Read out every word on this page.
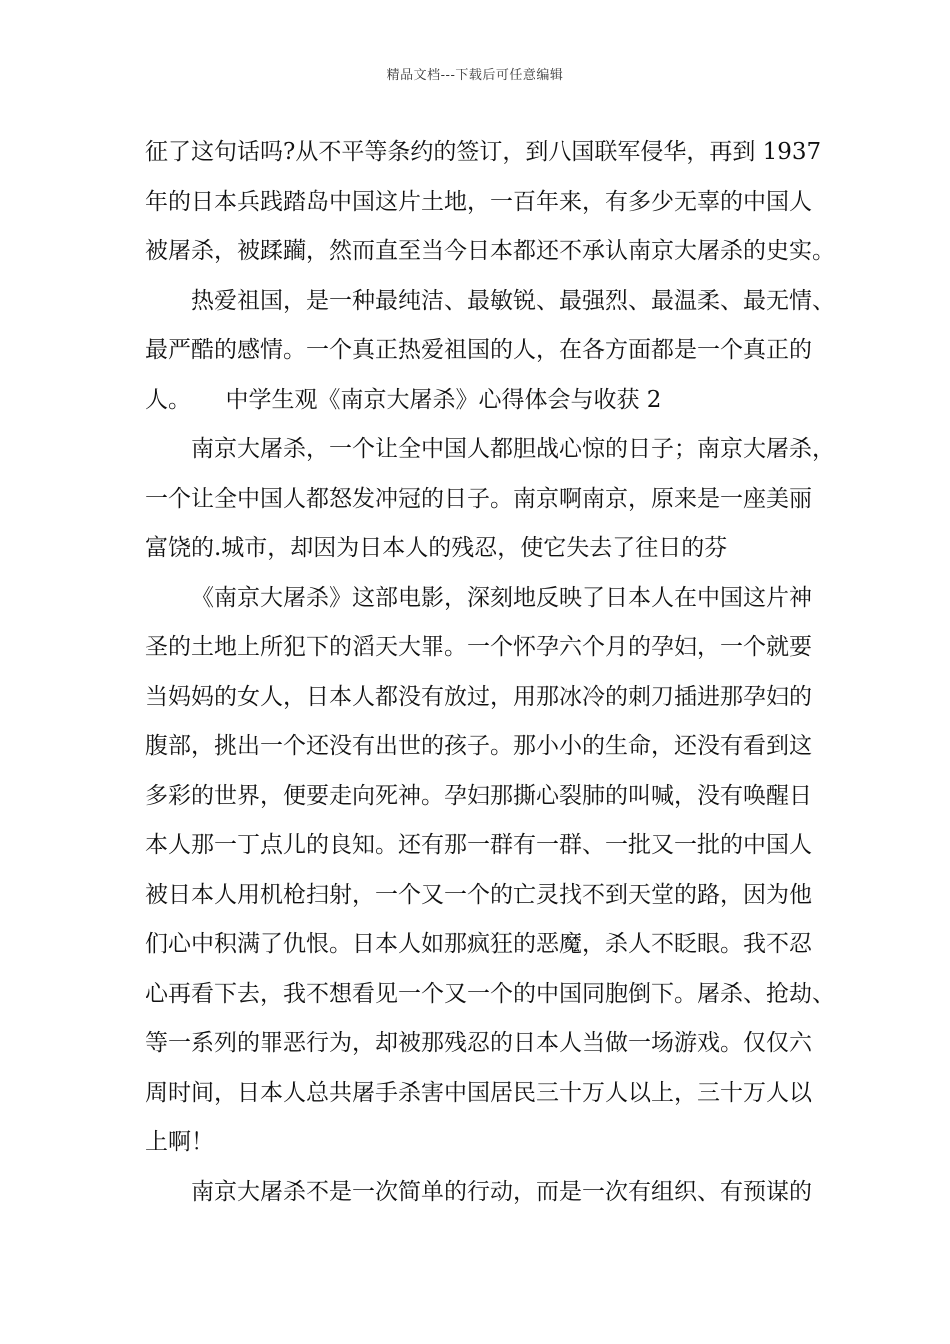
精品文档---下载后可任意编辑
征了这句话吗?从不平等条约的签订，到八国联军侵华，再到 1937
年的日本兵践踏岛中国这片土地，一百年来，有多少无辜的中国人
被屠杀，被蹂躏，然而直至当今日本都还不承认南京大屠杀的史实。
热爱祖国，是一种最纯洁、最敏锐、最强烈、最温柔、最无情、
最严酷的感情。一个真正热爱祖国的人，在各方面都是一个真正的
人。　　中学生观《南京大屠杀》心得体会与收获 2
南京大屠杀，一个让全中国人都胆战心惊的日子；南京大屠杀，
一个让全中国人都怒发冲冠的日子。南京啊南京，原来是一座美丽
富饶的.城市，却因为日本人的残忍，使它失去了往日的芬
《南京大屠杀》这部电影，深刻地反映了日本人在中国这片神
圣的土地上所犯下的滔天大罪。一个怀孕六个月的孕妇，一个就要
当妈妈的女人，日本人都没有放过，用那冰冷的刺刀插进那孕妇的
腹部，挑出一个还没有出世的孩子。那小小的生命，还没有看到这
多彩的世界，便要走向死神。孕妇那撕心裂肺的叫喊，没有唤醒日
本人那一丁点儿的良知。还有那一群有一群、一批又一批的中国人
被日本人用机枪扫射，一个又一个的亡灵找不到天堂的路，因为他
们心中积满了仇恨。日本人如那疯狂的恶魔，杀人不眨眼。我不忍
心再看下去，我不想看见一个又一个的中国同胞倒下。屠杀、抢劫、
等一系列的罪恶行为，却被那残忍的日本人当做一场游戏。仅仅六
周时间，日本人总共屠手杀害中国居民三十万人以上，三十万人以
上啊！
南京大屠杀不是一次简单的行动，而是一次有组织、有预谋的
